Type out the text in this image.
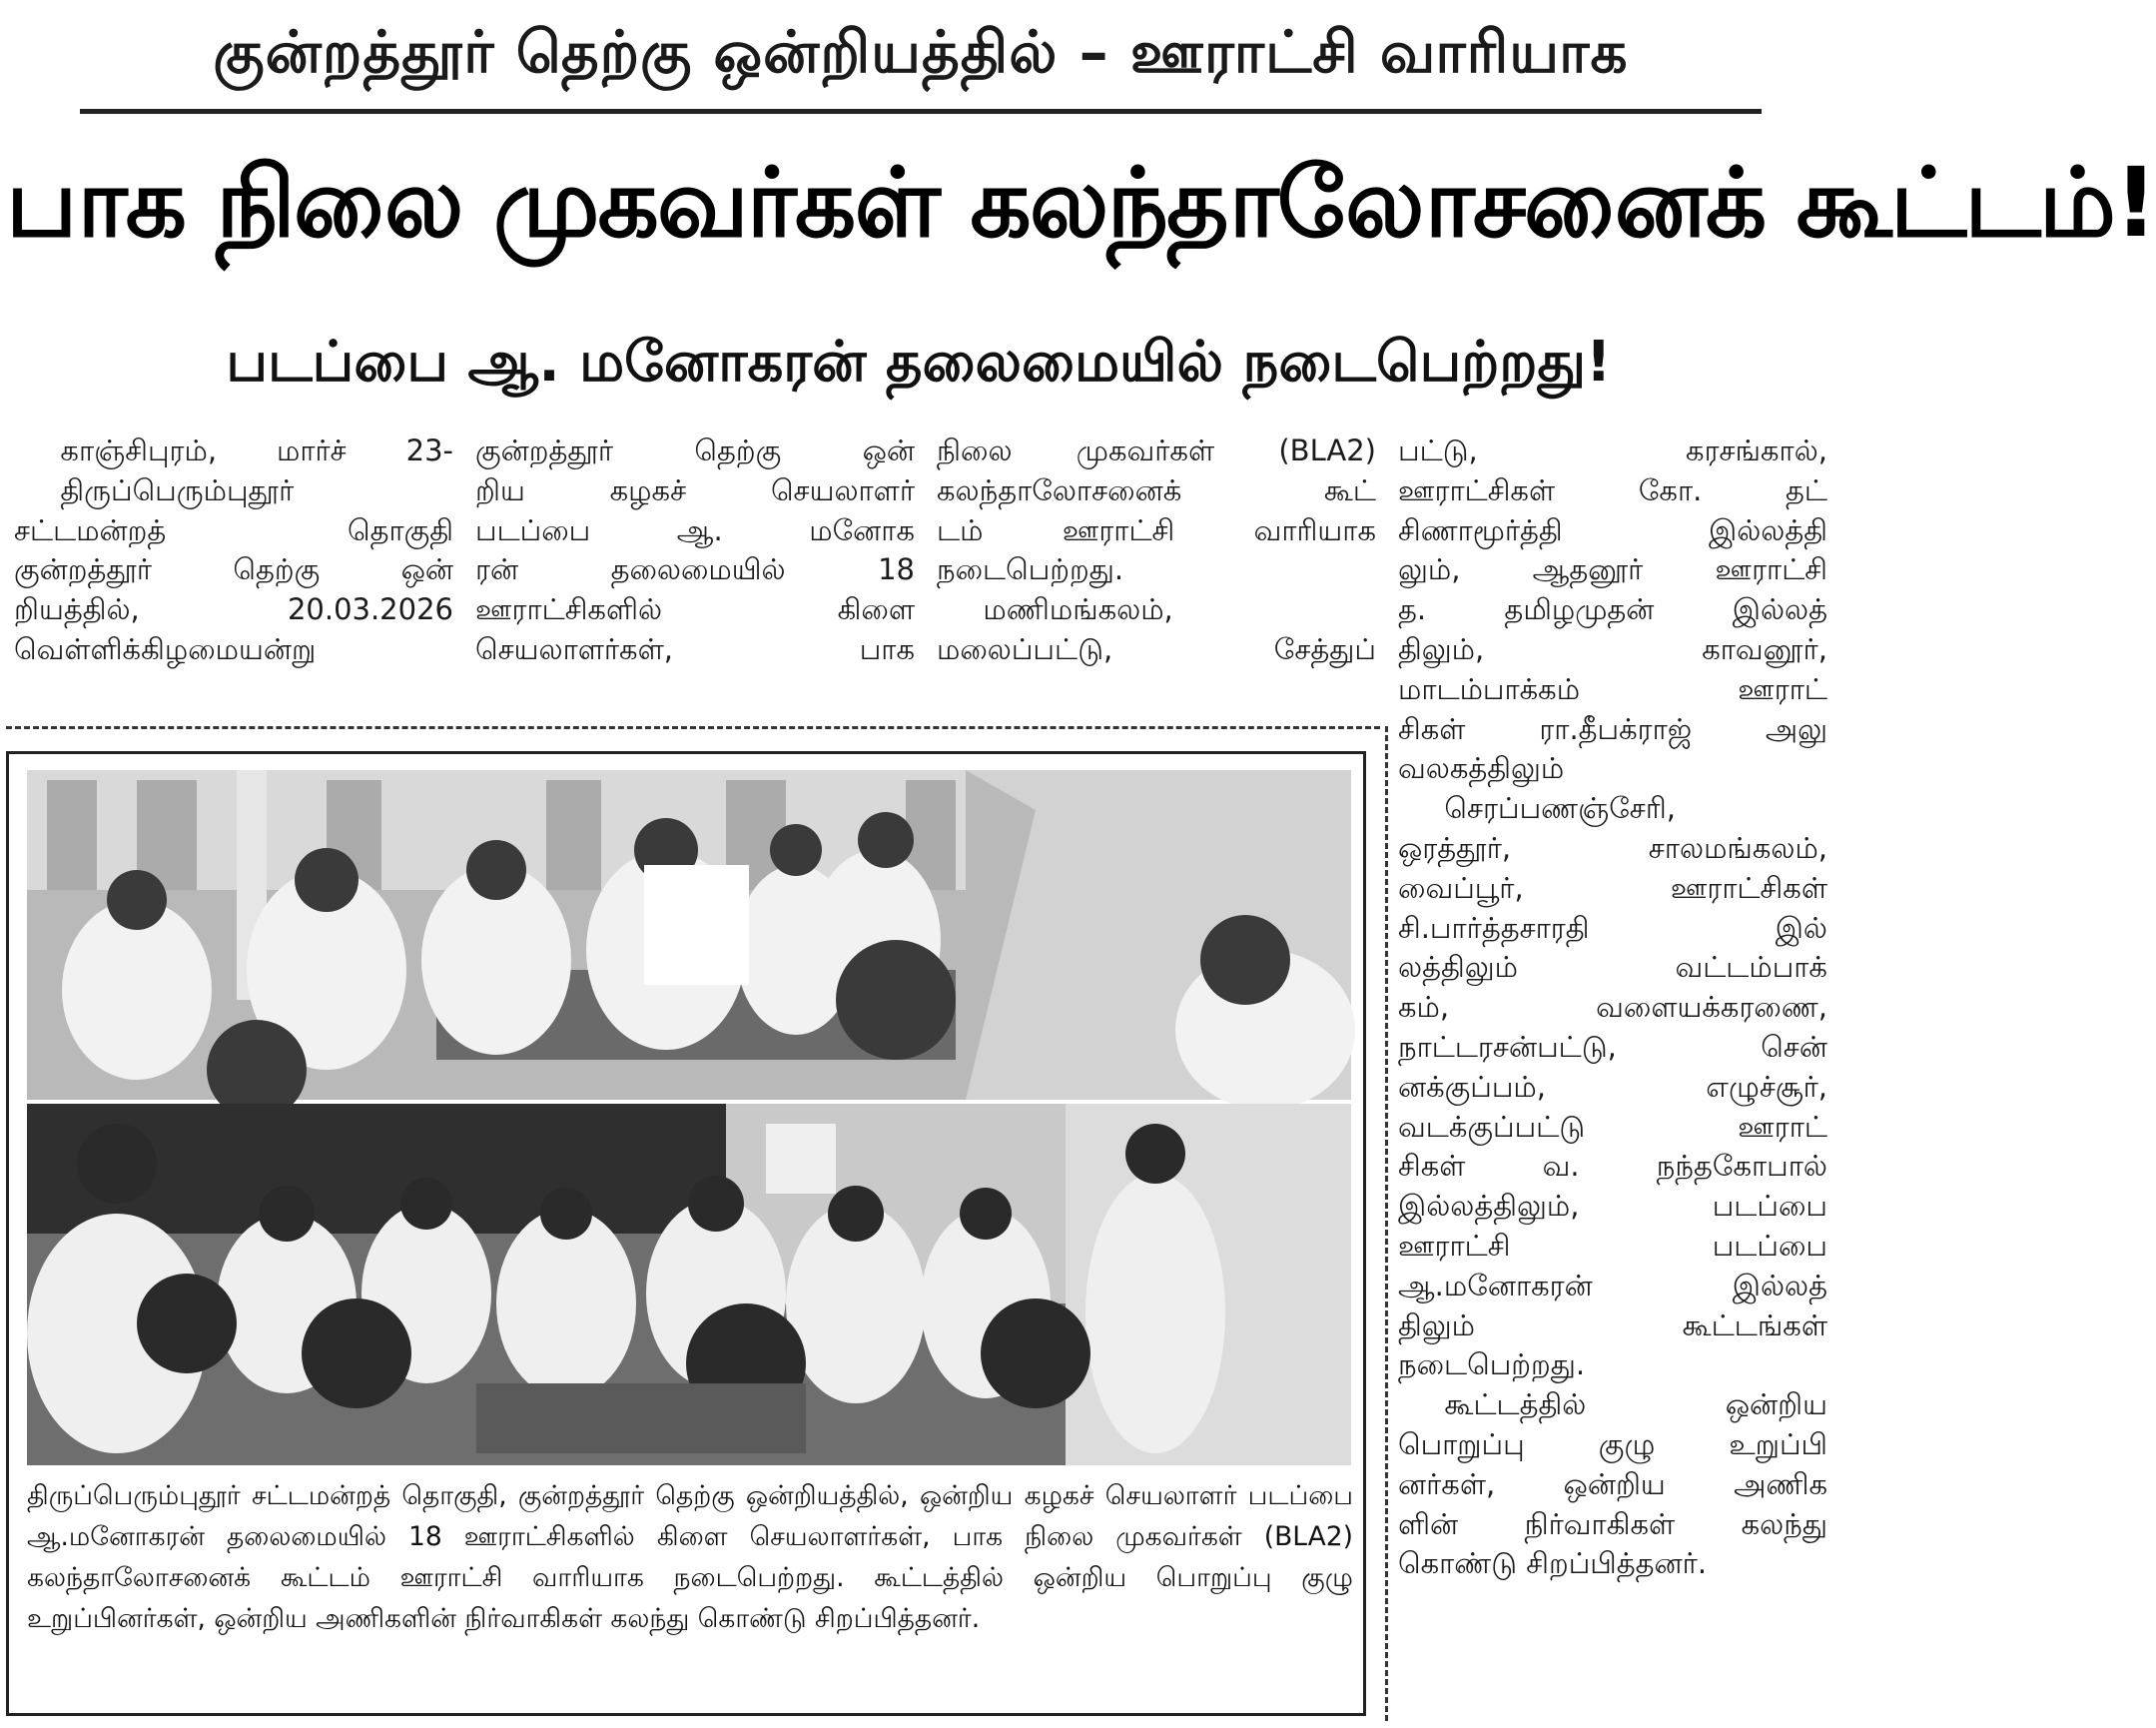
குன்றத்தூர் தெற்கு ஒன்றியத்தில் – ஊராட்சி வாரியாக
பாக நிலை முகவர்கள் கலந்தாலோசனைக் கூட்டம்!
படப்பை ஆ. மனோகரன் தலைமையில் நடைபெற்றது!

காஞ்சிபுரம், மார்ச் 23-

திருப்பெரும்புதூர்

சட்டமன்றத் தொகுதி

குன்றத்தூர் தெற்கு ஒன்

றியத்தில், 20.03.2026

வெள்ளிக்கிழமையன்று

குன்றத்தூர் தெற்கு ஒன்

றிய கழகச் செயலாளர்

படப்பை ஆ. மனோக

ரன் தலைமையில் 18

ஊராட்சிகளில் கிளை

செயலாளர்கள், பாக

நிலை முகவர்கள் (BLA2)

கலந்தாலோசனைக் கூட்

டம் ஊராட்சி வாரியாக

நடைபெற்றது.

மணிமங்கலம்,

மலைப்பட்டு, சேத்துப்

பட்டு, கரசங்கால்,

ஊராட்சிகள் கோ. தட்

சிணாமூர்த்தி இல்லத்தி

லும், ஆதனூர் ஊராட்சி

த. தமிழமுதன் இல்லத்

திலும், காவனூர்,

மாடம்பாக்கம் ஊராட்

சிகள் ரா.தீபக்ராஜ் அலு

வலகத்திலும்

செரப்பணஞ்சேரி,

ஒரத்தூர், சாலமங்கலம்,

வைப்பூர், ஊராட்சிகள்

சி.பார்த்தசாரதி இல்

லத்திலும் வட்டம்பாக்

கம், வளையக்கரணை,

நாட்டரசன்பட்டு, சென்

னக்குப்பம், எழுச்சூர்,

வடக்குப்பட்டு ஊராட்

சிகள் வ. நந்தகோபால்

இல்லத்திலும், படப்பை

ஊராட்சி படப்பை

ஆ.மனோகரன் இல்லத்

திலும் கூட்டங்கள்

நடைபெற்றது.

கூட்டத்தில் ஒன்றிய

பொறுப்பு குழு உறுப்பி

னர்கள், ஒன்றிய அணிக

ளின் நிர்வாகிகள் கலந்து

கொண்டு சிறப்பித்தனர்.

திருப்பெரும்புதூர் சட்டமன்றத் தொகுதி, குன்றத்தூர் தெற்கு ஒன்றியத்தில், ஒன்றிய கழகச் செயலாளர் படப்பை ஆ.மனோகரன் தலைமையில் 18 ஊராட்சிகளில் கிளை செயலாளர்கள், பாக நிலை முகவர்கள் (BLA2) கலந்தாலோசனைக் கூட்டம் ஊராட்சி வாரியாக நடைபெற்றது. கூட்டத்தில் ஒன்றிய பொறுப்பு குழு உறுப்பினர்கள், ஒன்றிய அணிகளின் நிர்வாகிகள் கலந்து கொண்டு சிறப்பித்தனர்.
